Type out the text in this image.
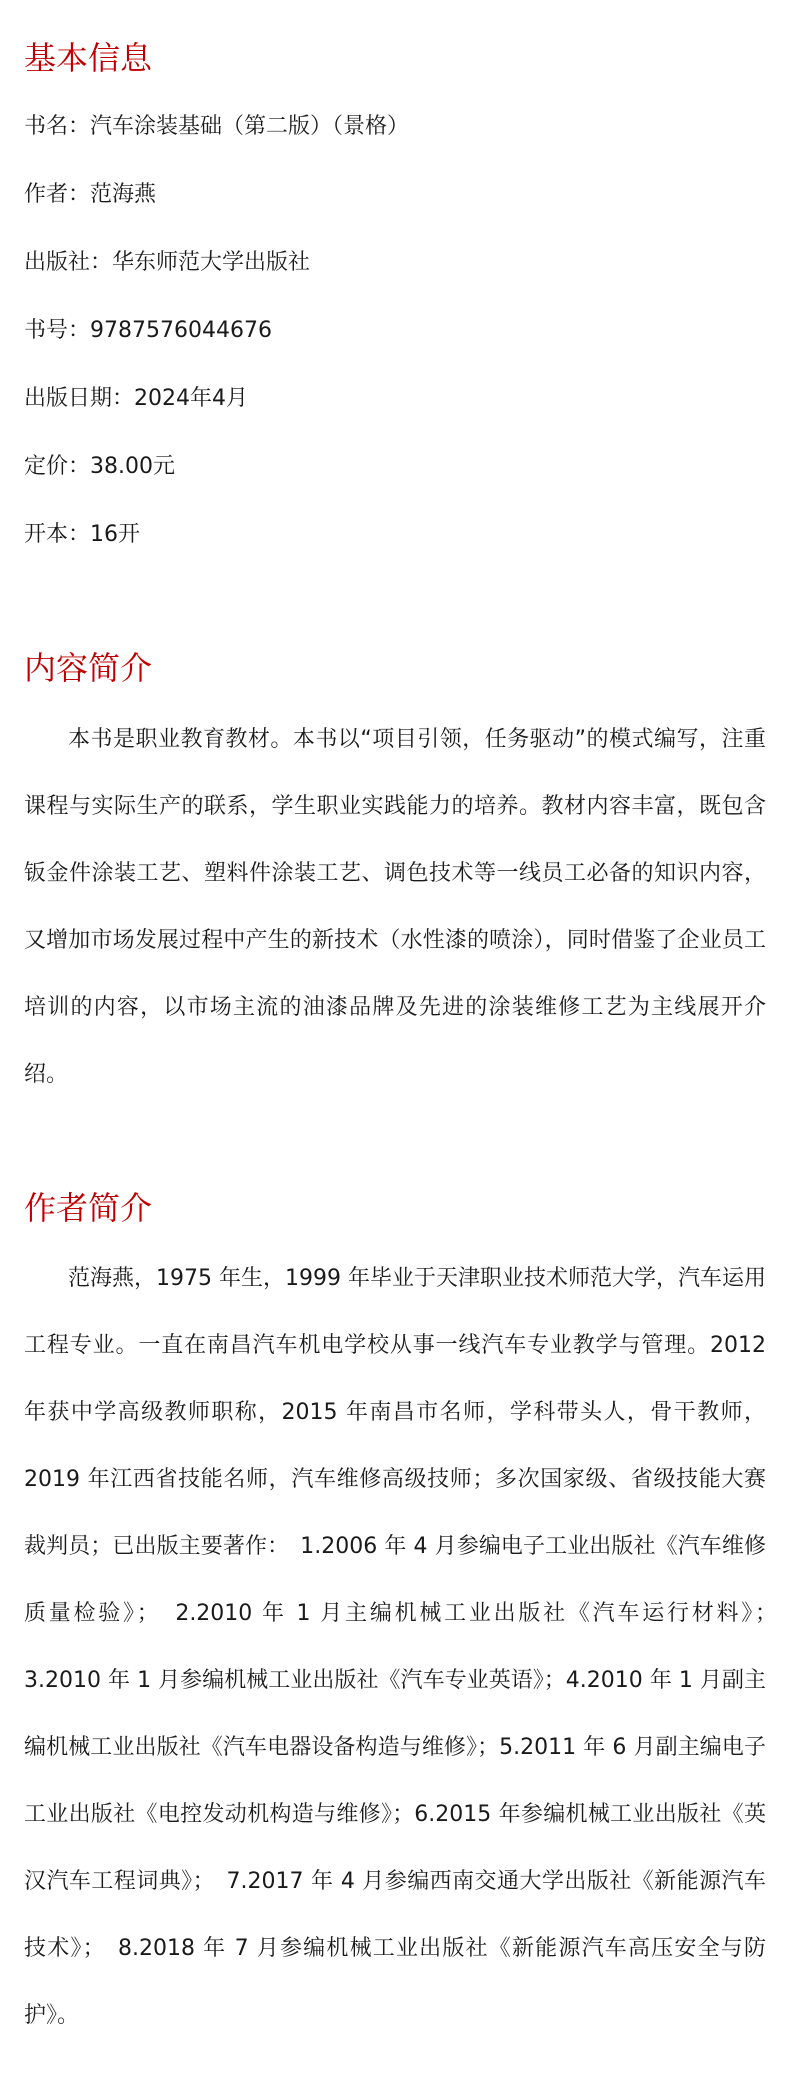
基本信息

书名：汽车涂装基础（第二版）（景格）

作者：范海燕

出版社：华东师范大学出版社

书号：9787576044676

出版日期：2024年4月

定价：38.00元

开本：16开

内容简介

本书是职业教育教材。本书以“项目引领，任务驱动”的模式编写，注重课程与实际生产的联系，学生职业实践能力的培养。教材内容丰富，既包含钣金件涂装工艺、塑料件涂装工艺、调色技术等一线员工必备的知识内容，又增加市场发展过程中产生的新技术（水性漆的喷涂），同时借鉴了企业员工培训的内容，以市场主流的油漆品牌及先进的涂装维修工艺为主线展开介绍。

作者简介

范海燕，1975 年生，1999 年毕业于天津职业技术师范大学，汽车运用工程专业。一直在南昌汽车机电学校从事一线汽车专业教学与管理。2012 年获中学高级教师职称，2015 年南昌市名师，学科带头人，骨干教师，2019 年江西省技能名师，汽车维修高级技师；多次国家级、省级技能大赛裁判员；已出版主要著作：　1.2006 年 4 月参编电子工业出版社《汽车维修质量检验》；　2.2010 年 1 月主编机械工业出版社《汽车运行材料》；　3.2010 年 1 月参编机械工业出版社《汽车专业英语》；4.2010 年 1 月副主编机械工业出版社《汽车电器设备构造与维修》；5.2011 年 6 月副主编电子工业出版社《电控发动机构造与维修》；6.2015 年参编机械工业出版社《英汉汽车工程词典》；　7.2017 年 4 月参编西南交通大学出版社《新能源汽车技术》；　8.2018 年 7 月参编机械工业出版社《新能源汽车高压安全与防护》。
